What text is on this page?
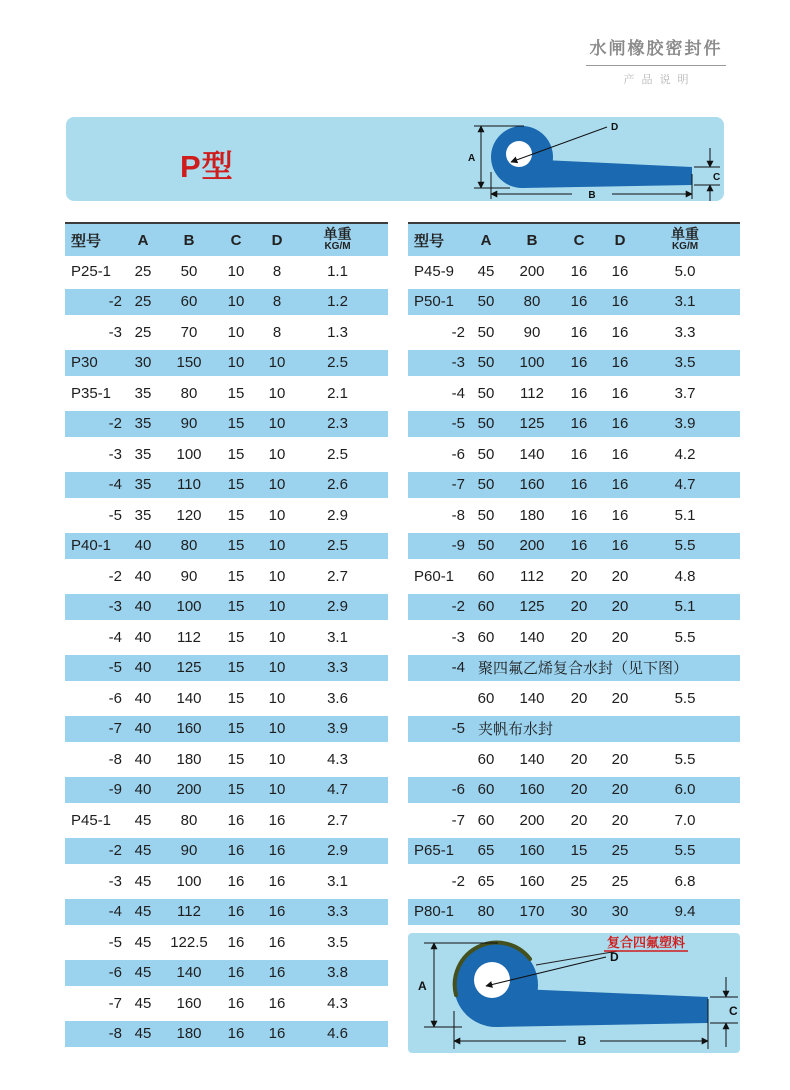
水闸橡胶密封件
产品说明
P型	A
B
C
D
型号	A	B	C	D	单重
KG/M
P25-1	25	50	10	8	1.1
-2 25	60	10	8	1.2
-3 25	70	10	8	1.3
P30	30	150	10	10	2.5
P35-1	35	80	15	10	2.1
-2 35	90	15	10	2.3
-3 35	100	15	10	2.5
-4 35	110	15	10	2.6
-5 35	120	15	10	2.9
P40-1	40	80	15	10	2.5
-2 40	90	15	10	2.7
-3 40	100	15	10	2.9
-4 40	112	15	10	3.1
-5 40	125	15	10	3.3
-6 40	140	15	10	3.6
-7 40	160	15	10	3.9
-8 40	180	15	10	4.3
-9 40	200	15	10	4.7
P45-1	45	80	16	16	2.7
-2 45	90	16	16	2.9
-3 45	100	16	16	3.1
-4 45	112	16	16	3.3
-5 45	122.5	16	16	3.5
-6 45	140	16	16	3.8
-7 45	160	16	16	4.3
-8 45	180	16	16	4.6
型号	A	B	C	D	单重
KG/M
P45-9	45	200	16	16	5.0
P50-1	50	80	16	16	3.1
-2 50	90	16	16	3.3
-3 50	100	16	16	3.5
-4 50	112	16	16	3.7
-5 50	125	16	16	3.9
-6 50	140	16	16	4.2
-7 50	160	16	16	4.7
-8 50	180	16	16	5.1
-9 50	200	16	16	5.5
P60-1	60	112	20	20	4.8
-2 60	125	20	20	5.1
-3 60	140	20	20	5.5
-4 聚四氟乙烯复合水封（见下图）
60	140	20	20	5.5
-5 夹帆布水封
60	140	20	20	5.5
-6 60	160	20	20	6.0
-7 60	200	20	20	7.0
P65-1	65	160	15	25	5.5
-2 65	160	25	25	6.8
P80-1	80	170	30	30	9.4
复合四氟塑料
A
B
C
D
